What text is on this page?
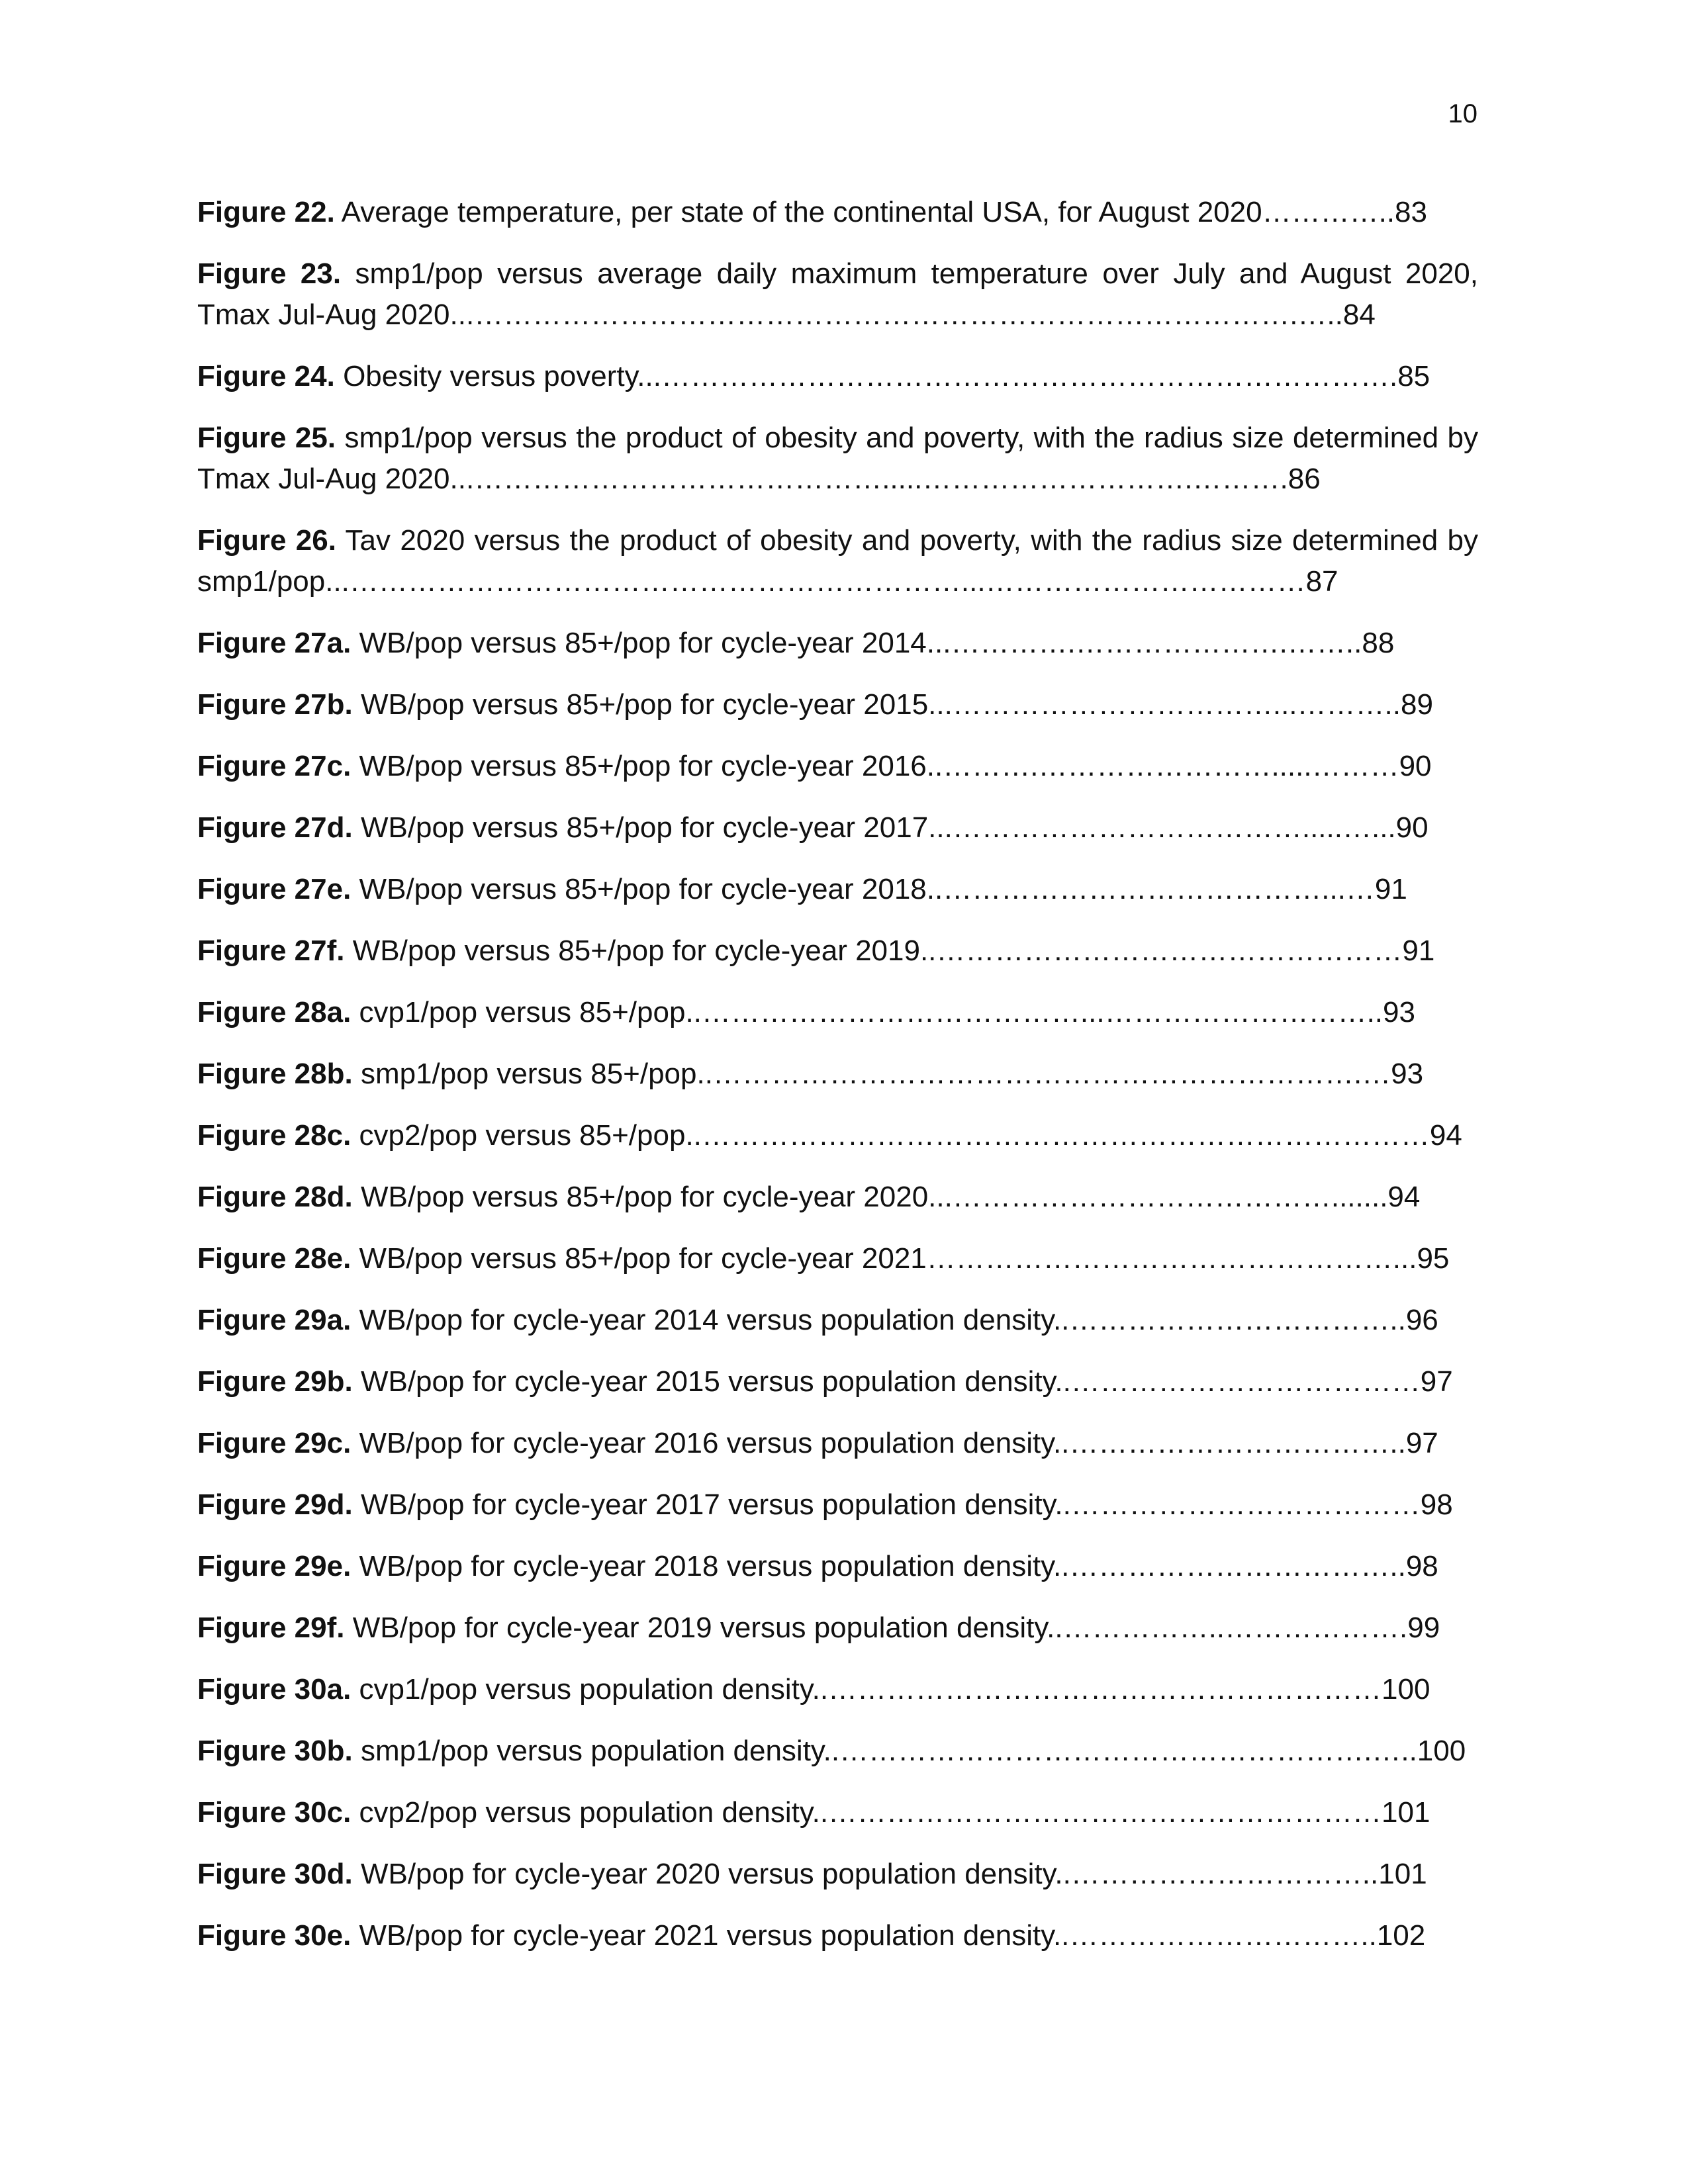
10

Figure 22. Average temperature, per state of the continental USA, for August 2020…………..83

Figure 23. smp1/pop versus average daily maximum temperature over July and August 2020, Tmax Jul-Aug 2020...………………………………………………………………………….…..84

Figure 24. Obesity versus poverty...………………………………………………………………….85

Figure 25. smp1/pop versus the product of obesity and poverty, with the radius size determined by Tmax Jul-Aug 2020...…………………………………….....……………………….……….86

Figure 26. Tav 2020 versus the product of obesity and poverty, with the radius size determined by smp1/pop...………………………………………………………...……………………………87

Figure 27a. WB/pop versus 85+/pop for cycle-year 2014...………….………………….……..88

Figure 27b. WB/pop versus 85+/pop for cycle-year 2015...……………………………...………..89

Figure 27c. WB/pop versus 85+/pop for cycle-year 2016..……….…………………….....………90

Figure 27d. WB/pop versus 85+/pop for cycle-year 2017...……………………………….....…...90

Figure 27e. WB/pop versus 85+/pop for cycle-year 2018..…………………………………...…91

Figure 27f. WB/pop versus 85+/pop for cycle-year 2019..…………………………………………91

Figure 28a. cvp1/pop versus 85+/pop..…………………………………...………………………..93

Figure 28b. smp1/pop versus 85+/pop..………………………………………………………….…93

Figure 28c. cvp2/pop versus 85+/pop..…………………………………………………………………94

Figure 28d. WB/pop versus 85+/pop for cycle-year 2020...………………………………….......94

Figure 28e. WB/pop versus 85+/pop for cycle-year 2021…………………………………………...95

Figure 29a. WB/pop for cycle-year 2014 versus population density..……………………………..96

Figure 29b. WB/pop for cycle-year 2015 versus population density..………………………………97

Figure 29c. WB/pop for cycle-year 2016 versus population density..……………………………..97

Figure 29d. WB/pop for cycle-year 2017 versus population density..………………………………98

Figure 29e. WB/pop for cycle-year 2018 versus population density..……………………………..98

Figure 29f. WB/pop for cycle-year 2019 versus population density..……………..……………….99

Figure 30a. cvp1/pop versus population density..…………………………………………………100

Figure 30b. smp1/pop versus population density..……………………………………………….…..100

Figure 30c. cvp2/pop versus population density..…………………………………………………101

Figure 30d. WB/pop for cycle-year 2020 versus population density..…………………………..101

Figure 30e. WB/pop for cycle-year 2021 versus population density..…………………………..102
